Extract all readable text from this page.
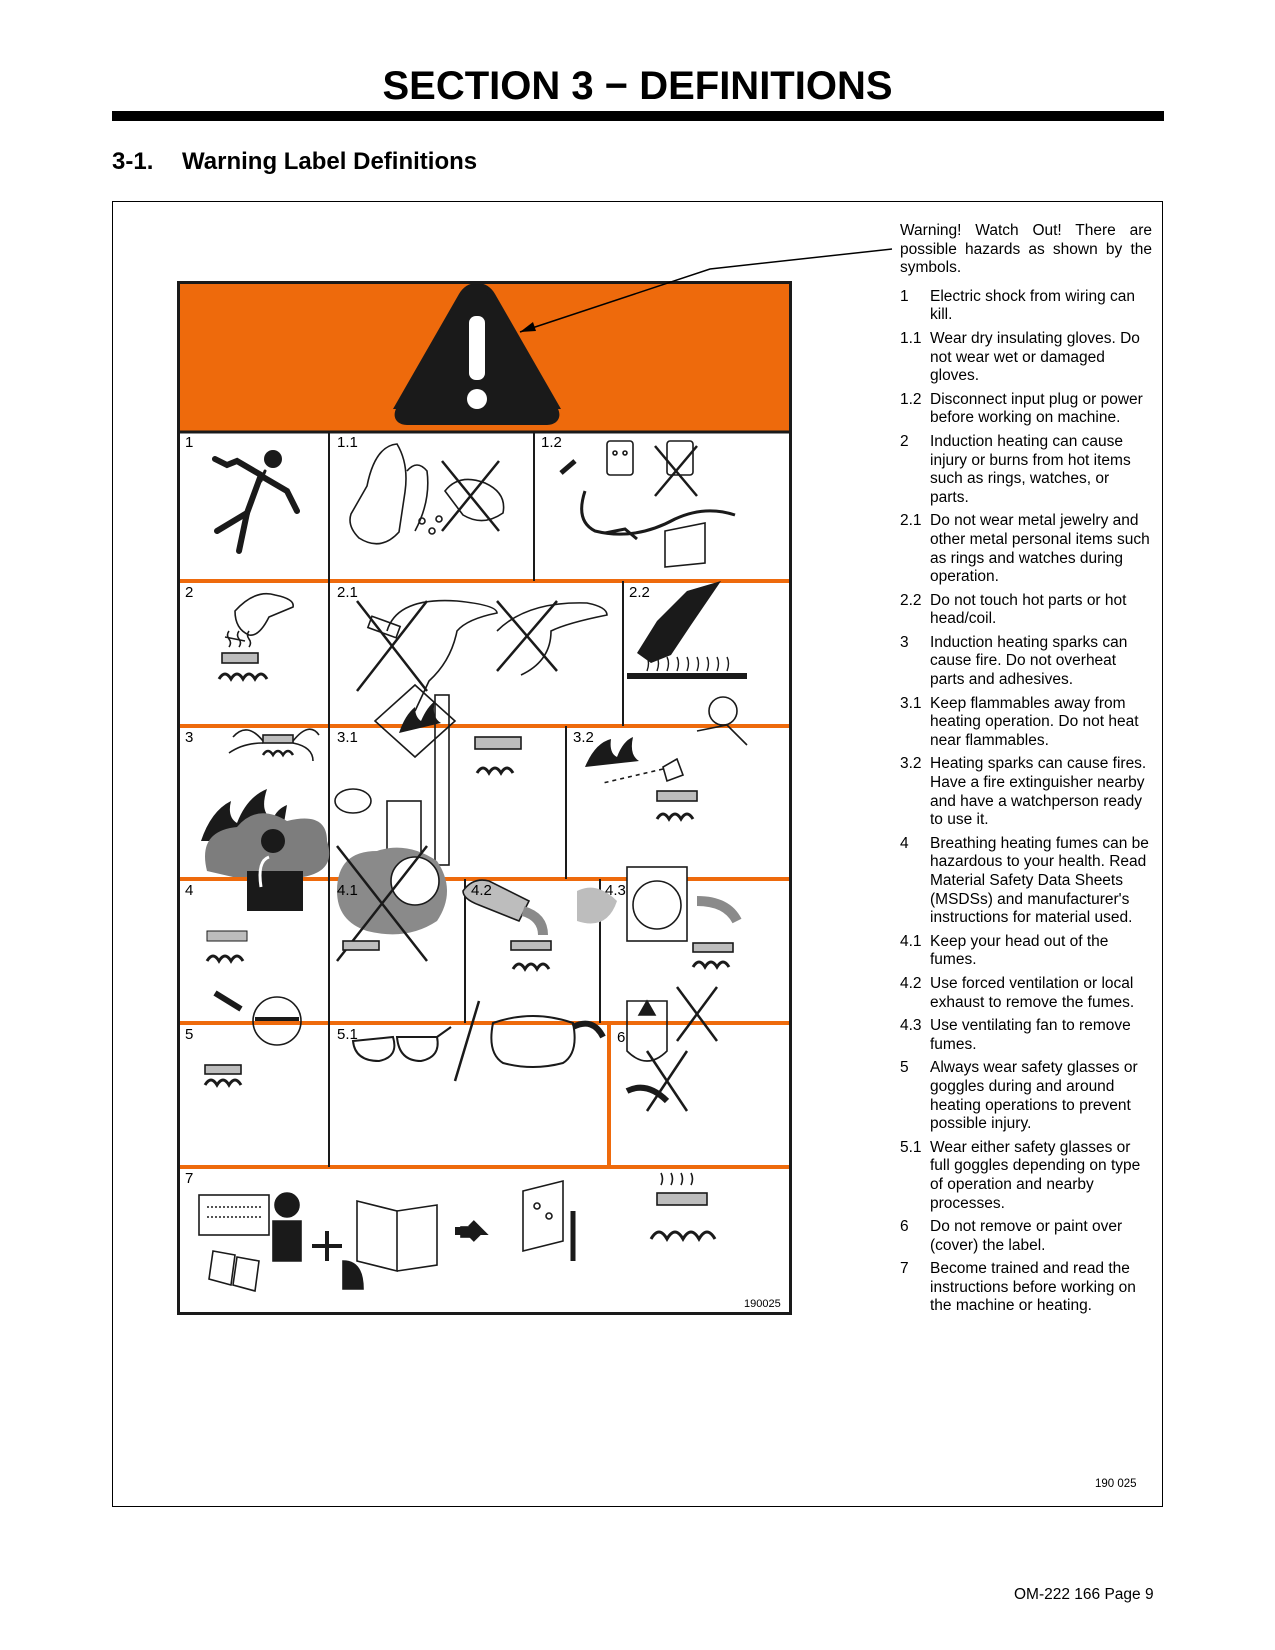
SECTION 3 − DEFINITIONS
3-1. Warning Label Definitions
1	1.1	1.2
2	2.1	2.2
3	3.1	3.2
4	4.1	4.2	4.3
5	5.1	6
7
190025

Warning! Watch Out! There are possible hazards as shown by the symbols.

1	Electric shock from wiring can kill.
1.1 Wear dry insulating gloves. Do not wear wet or damaged gloves.
1.2 Disconnect input plug or power before working on machine.
2	Induction heating can cause injury or burns from hot items such as rings, watches, or parts.
2.1 Do not wear metal jewelry and other metal personal items such as rings and watches during operation.
2.2 Do not touch hot parts or hot head/coil.
3	Induction heating sparks can cause fire. Do not overheat parts and adhesives.
3.1 Keep flammables away from heating operation. Do not heat near flammables.
3.2 Heating sparks can cause fires. Have a fire extinguisher nearby and have a watchperson ready to use it.
4	Breathing heating fumes can be hazardous to your health. Read Material Safety Data Sheets (MSDSs) and manufacturer's instructions for material used.
4.1 Keep your head out of the fumes.
4.2 Use forced ventilation or local exhaust to remove the fumes.
4.3 Use ventilating fan to remove fumes.
5	Always wear safety glasses or goggles during and around heating operations to prevent possible injury.
5.1 Wear either safety glasses or full goggles depending on type of operation and nearby processes.
6	Do not remove or paint over (cover) the label.
7	Become trained and read the instructions before working on the machine or heating.
190 025
OM-222 166 Page 9
